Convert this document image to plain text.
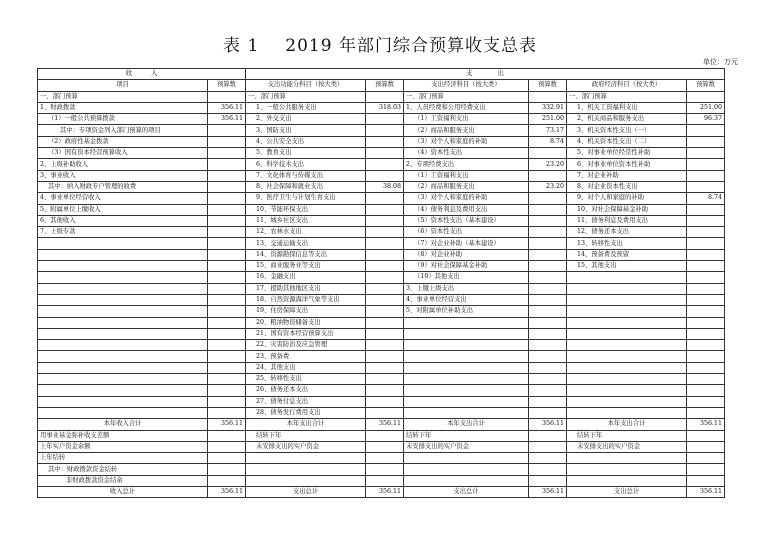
表 1 2019 年部门综合预算收支总表
单位：万元
收　　　入		支　　　　出					
项目	预算数	支出功能分科目（按大类）	预算数	支出经济科目（按大类）	预算数	政府经济科目（按大类）	预算数
一、部门预算		一、部门预算		一、部门预算		一、部门预算	
1、财政拨款	356.11	1、一般公共服务支出	318.03	1、人员经费和公用经费支出	332.91	1、机关工资福利支出	251.00
（1）一般公共预算拨款	356.11	2、外交支出		（1）工资福利支出	251.00	2、机关商品和服务支出	96.37
其中：专项资金列入部门预算的项目		3、国防支出		（2）商品和服务支出	73.17	3、机关资本性支出（一）	
（2）政府性基金拨款		4、公共安全支出		（3）对个人和家庭的补助	8.74	4、机关资本性支出（二）	
（3）国有资本经营预算收入		5、教育支出		（4）资本性支出		5、对事业单位经常性补助	
2、上级补助收入		6、科学技术支出		2、专项经费支出	23.20	6、对事业单位资本性补助	
3、事业收入		7、文化体育与传媒支出		（1）工资福利支出		7、对企业补助	
其中：纳入财政专户管理的收费		8、社会保障和就业支出	38.08	（2）商品和服务支出	23.20	8、对企业资本性支出	
4、事业单位经营收入		9、医疗卫生与计划生育支出		（3）对个人和家庭的补助		9、对个人和家庭的补助	8.74
5、附属单位上缴收入		10、节能环保支出		（4）债务利息及费用支出		10、对社会保障基金补助	
6、其他收入		11、城乡社区支出		（5）资本性支出（基本建设）		11、债务利息及费用支出	
7、上级专款		12、农林水支出		（6）资本性支出		12、债务还本支出	
		13、交通运输支出		（7）对企业补助（基本建设）		13、转移性支出	
		14、资源勘探信息等支出		（8）对企业补助		14、预备费及预留	
		15、商业服务业等支出		（9）对社会保障基金补助		15、其他支出	
		16、金融支出		（10）其他支出			
		17、援助其他地区支出		3、上缴上级支出			
		18、自然资源海洋气象等支出		4、事业单位经营支出			
		19、住房保障支出		5、对附属单位补助支出			
		20、粮油物资储备支出					
		21、国有资本经营预算支出					
		22、灾害防治及应急管理					
		23、预备费					
		24、其他支出					
		25、转移性支出					
		26、债务还本支出					
		27、债务付息支出					
		28、债务发行费用支出					
本年收入合计	356.11	本年支出合计	356.11	本年支出合计	356.11	本年支出合计	356.11
用事业基金弥补收支差额		结转下年		结转下年		结转下年	
上年实户资金余额		未安排支出的实户资金		未安排支出的实户资金		未安排支出的实户资金	
上年结转							
其中：财政拨款资金结转							
非财政拨款资金结余							
收入总计	356.11	支出总计	356.11	支出总计	356.11	支出总计	356.11
